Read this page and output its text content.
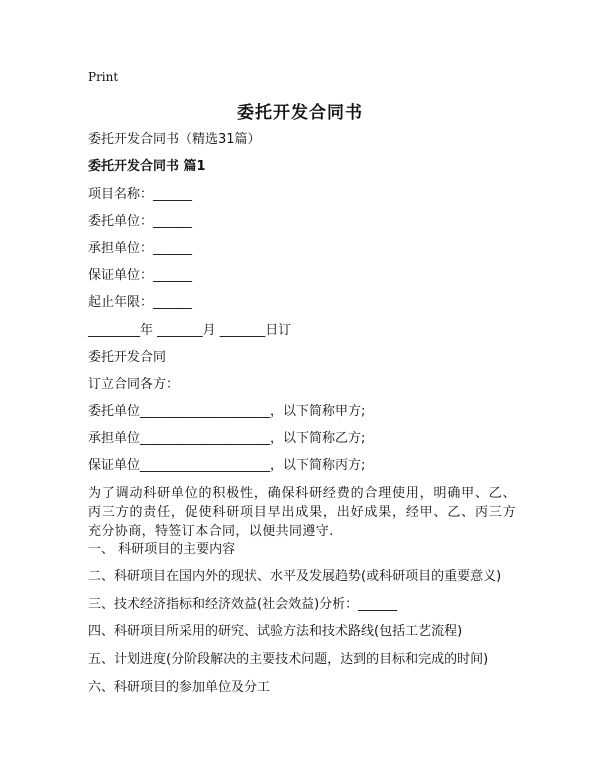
Print
委托开发合同书
委托开发合同书（精选31篇）
委托开发合同书 篇1
项目名称：______
委托单位：______
承担单位：______
保证单位：______
起止年限：______
________年 _______月 _______日订
委托开发合同
订立合同各方：
委托单位____________________，以下简称甲方;
承担单位____________________，以下简称乙方;
保证单位____________________，以下简称丙方;
为了调动科研单位的积极性，确保科研经费的合理使用，明确甲、乙、丙三方的责任，促使科研项目早出成果，出好成果，经甲、乙、丙三方充分协商，特签订本合同，以便共同遵守.
一、 科研项目的主要内容
二、科研项目在国内外的现状、水平及发展趋势(或科研项目的重要意义)
三、技术经济指标和经济效益(社会效益)分析：______
四、科研项目所采用的研究、试验方法和技术路线(包括工艺流程)
五、计划进度(分阶段解决的主要技术问题，达到的目标和完成的时间)
六、科研项目的参加单位及分工
